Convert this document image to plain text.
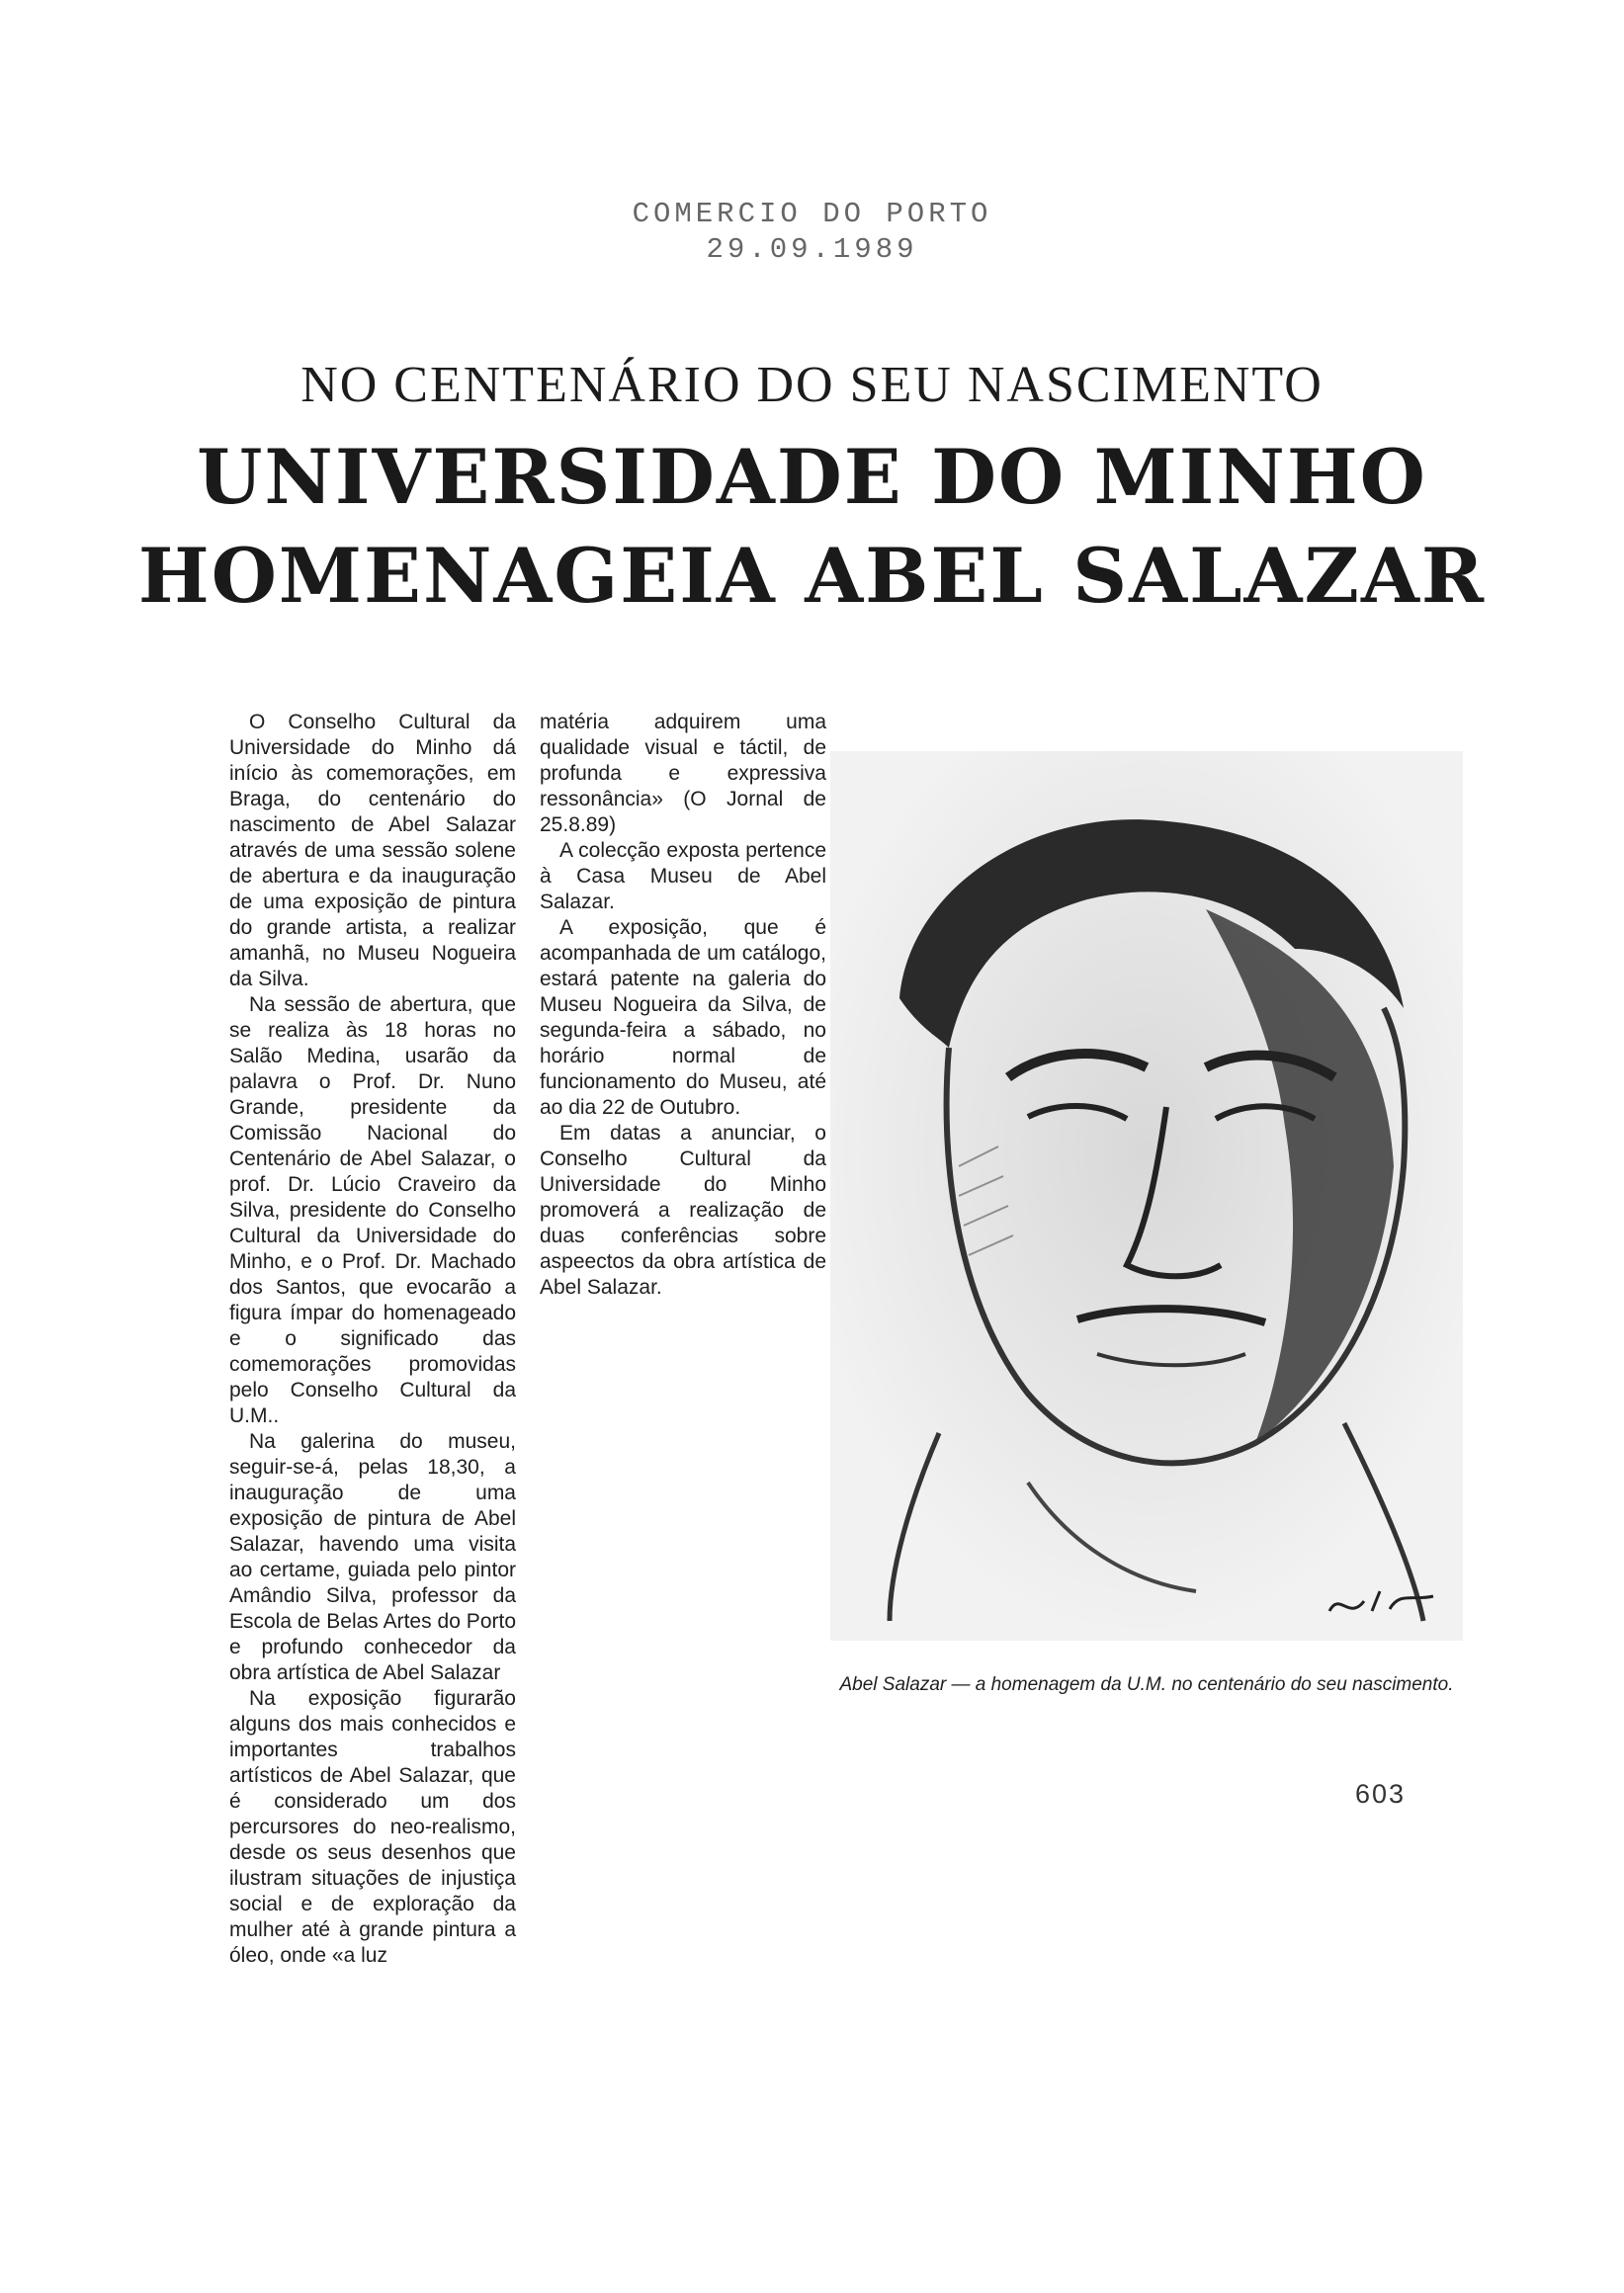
COMERCIO DO PORTO
29.09.1989
NO CENTENÁRIO DO SEU NASCIMENTO
UNIVERSIDADE DO MINHO
HOMENAGEIA ABEL SALAZAR

O Conselho Cultural da Universidade do Minho dá início às comemorações, em Braga, do centenário do nascimento de Abel Salazar através de uma sessão solene de abertura e da inauguração de uma exposição de pintura do grande artista, a realizar amanhã, no Museu Nogueira da Silva.

Na sessão de abertura, que se realiza às 18 horas no Salão Medina, usarão da palavra o Prof. Dr. Nuno Grande, presidente da Comissão Nacional do Centenário de Abel Salazar, o prof. Dr. Lúcio Craveiro da Silva, presidente do Conselho Cultural da Universidade do Minho, e o Prof. Dr. Machado dos Santos, que evocarão a figura ímpar do homenageado e o significado das comemorações promovidas pelo Conselho Cultural da U.M..

Na galerina do museu, seguir-se-á, pelas 18,30, a inauguração de uma exposição de pintura de Abel Salazar, havendo uma visita ao certame, guiada pelo pintor Amândio Silva, professor da Escola de Belas Artes do Porto e profundo conhecedor da obra artística de Abel Salazar

Na exposição figurarão alguns dos mais conhecidos e importantes trabalhos artísticos de Abel Salazar, que é considerado um dos percursores do neo-realismo, desde os seus desenhos que ilustram situações de injustiça social e de exploração da mulher até à grande pintura a óleo, onde «a luz

matéria adquirem uma qualidade visual e táctil, de profunda e expressiva ressonância» (O Jornal de 25.8.89)

A colecção exposta pertence à Casa Museu de Abel Salazar.

A exposição, que é acompanhada de um catálogo, estará patente na galeria do Museu Nogueira da Silva, de segunda-feira a sábado, no horário normal de funcionamento do Museu, até ao dia 22 de Outubro.

Em datas a anunciar, o Conselho Cultural da Universidade do Minho promoverá a realização de duas conferências sobre aspeectos da obra artística de Abel Salazar.

Abel Salazar — a homenagem da U.M. no centenário do seu nascimento.
603
